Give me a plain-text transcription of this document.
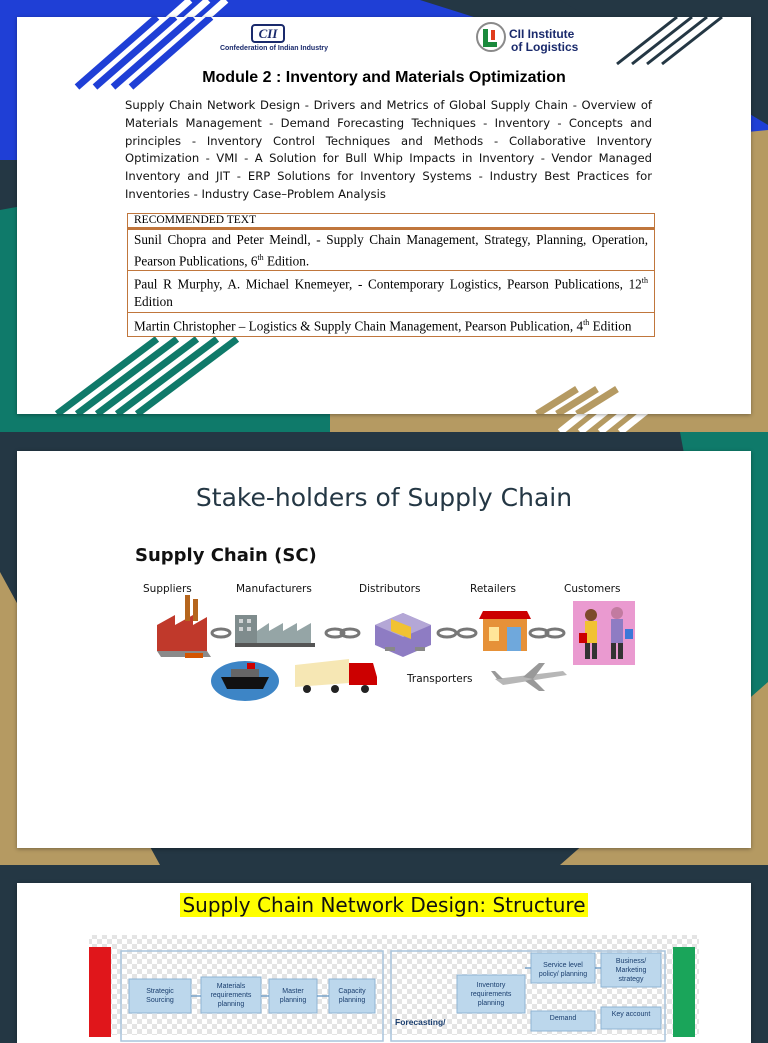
CII
Confederation of Indian Industry
CII Institute
of Logistics
Module 2 : Inventory and Materials Optimization
Supply Chain Network Design - Drivers and Metrics of Global Supply Chain - Overview of Materials Management - Demand Forecasting Techniques - Inventory - Concepts and principles - Inventory Control Techniques and Methods - Collaborative Inventory Optimization - VMI - A Solution for Bull Whip Impacts in Inventory - Vendor Managed Inventory and JIT - ERP Solutions for Inventory Systems - Industry Best Practices for Inventories - Industry Case–Problem Analysis
RECOMMENDED TEXT
Sunil Chopra and Peter Meindl, - Supply Chain Management, Strategy, Planning, Operation, Pearson Publications, 6th Edition.
Paul R Murphy, A. Michael Knemeyer, - Contemporary Logistics, Pearson Publications, 12th Edition
Martin Christopher – Logistics & Supply Chain Management, Pearson Publication, 4th Edition
Stake-holders of Supply Chain
Supply Chain (SC)
Suppliers	Manufacturers	Distributors	Retailers	Customers
Transporters
Supply Chain Network Design: Structure
Strategic Sourcing
Materials requirements planning
Master planning
Capacity planning
Inventory requirements planning
Service level policy/ planning
Business/ Marketing strategy
Forecasting/	Demand
Key account
